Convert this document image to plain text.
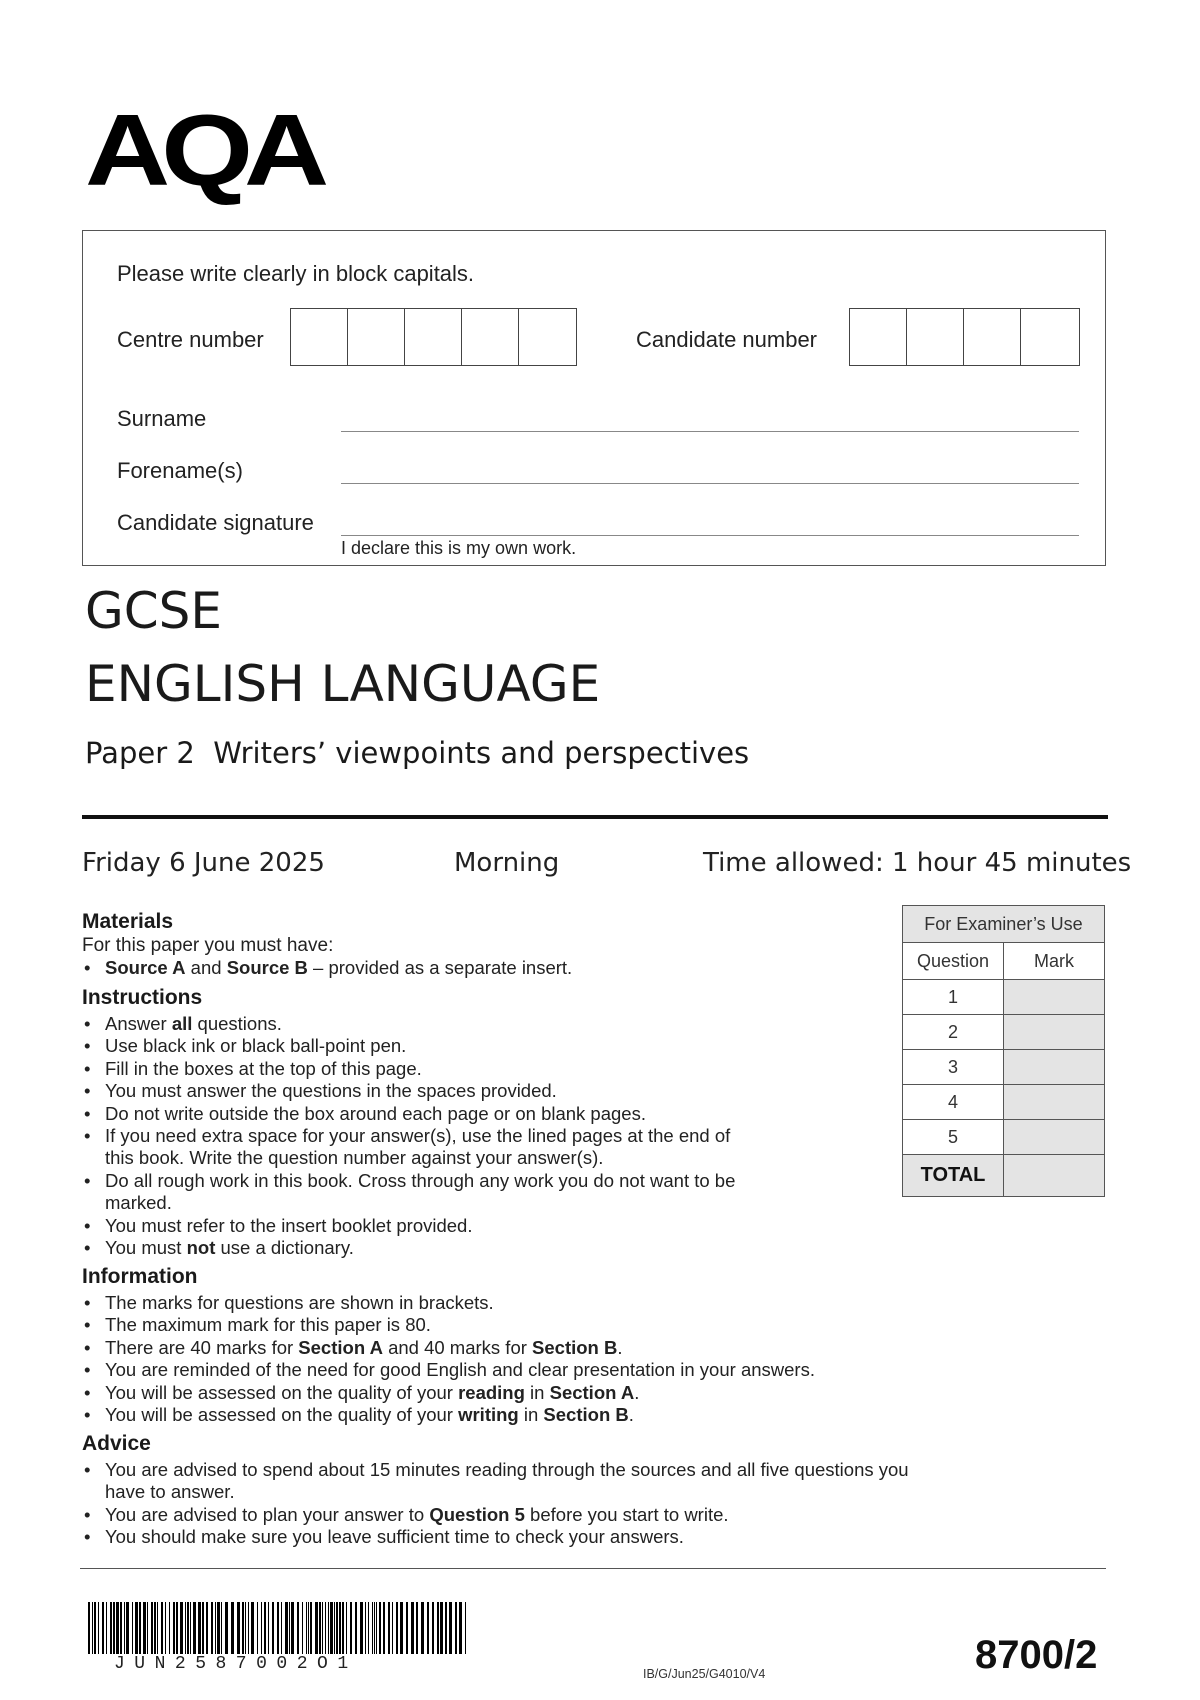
AQA
Please write clearly in block capitals.
Centre number	Candidate number
Surname
Forename(s)
Candidate signature
I declare this is my own work.
GCSE
ENGLISH LANGUAGE
Paper 2 Writers’ viewpoints and perspectives
Friday 6 June 2025	Morning	Time allowed: 1 hour 45 minutes
Materials
For this paper you must have:
• Source A and Source B – provided as a separate insert.
Instructions
• Answer all questions.
• Use black ink or black ball-point pen.
• Fill in the boxes at the top of this page.
• You must answer the questions in the spaces provided.
• Do not write outside the box around each page or on blank pages.
• If you need extra space for your answer(s), use the lined pages at the end of
this book. Write the question number against your answer(s).
• Do all rough work in this book. Cross through any work you do not want to be
marked.
• You must refer to the insert booklet provided.
• You must not use a dictionary.
Information
• The marks for questions are shown in brackets.
• The maximum mark for this paper is 80.
• There are 40 marks for Section A and 40 marks for Section B.
• You are reminded of the need for good English and clear presentation in your answers.
• You will be assessed on the quality of your reading in Section A.
• You will be assessed on the quality of your writing in Section B.
Advice
• You are advised to spend about 15 minutes reading through the sources and all five questions you
have to answer.
• You are advised to plan your answer to Question 5 before you start to write.
• You should make sure you leave sufficient time to check your answers.
For Examiner’s Use	
Question	Mark
1	
2	
3	
4	
5	
TOTAL	
JUN2587002O1	IB/G/Jun25/G4010/V4	8700/2
